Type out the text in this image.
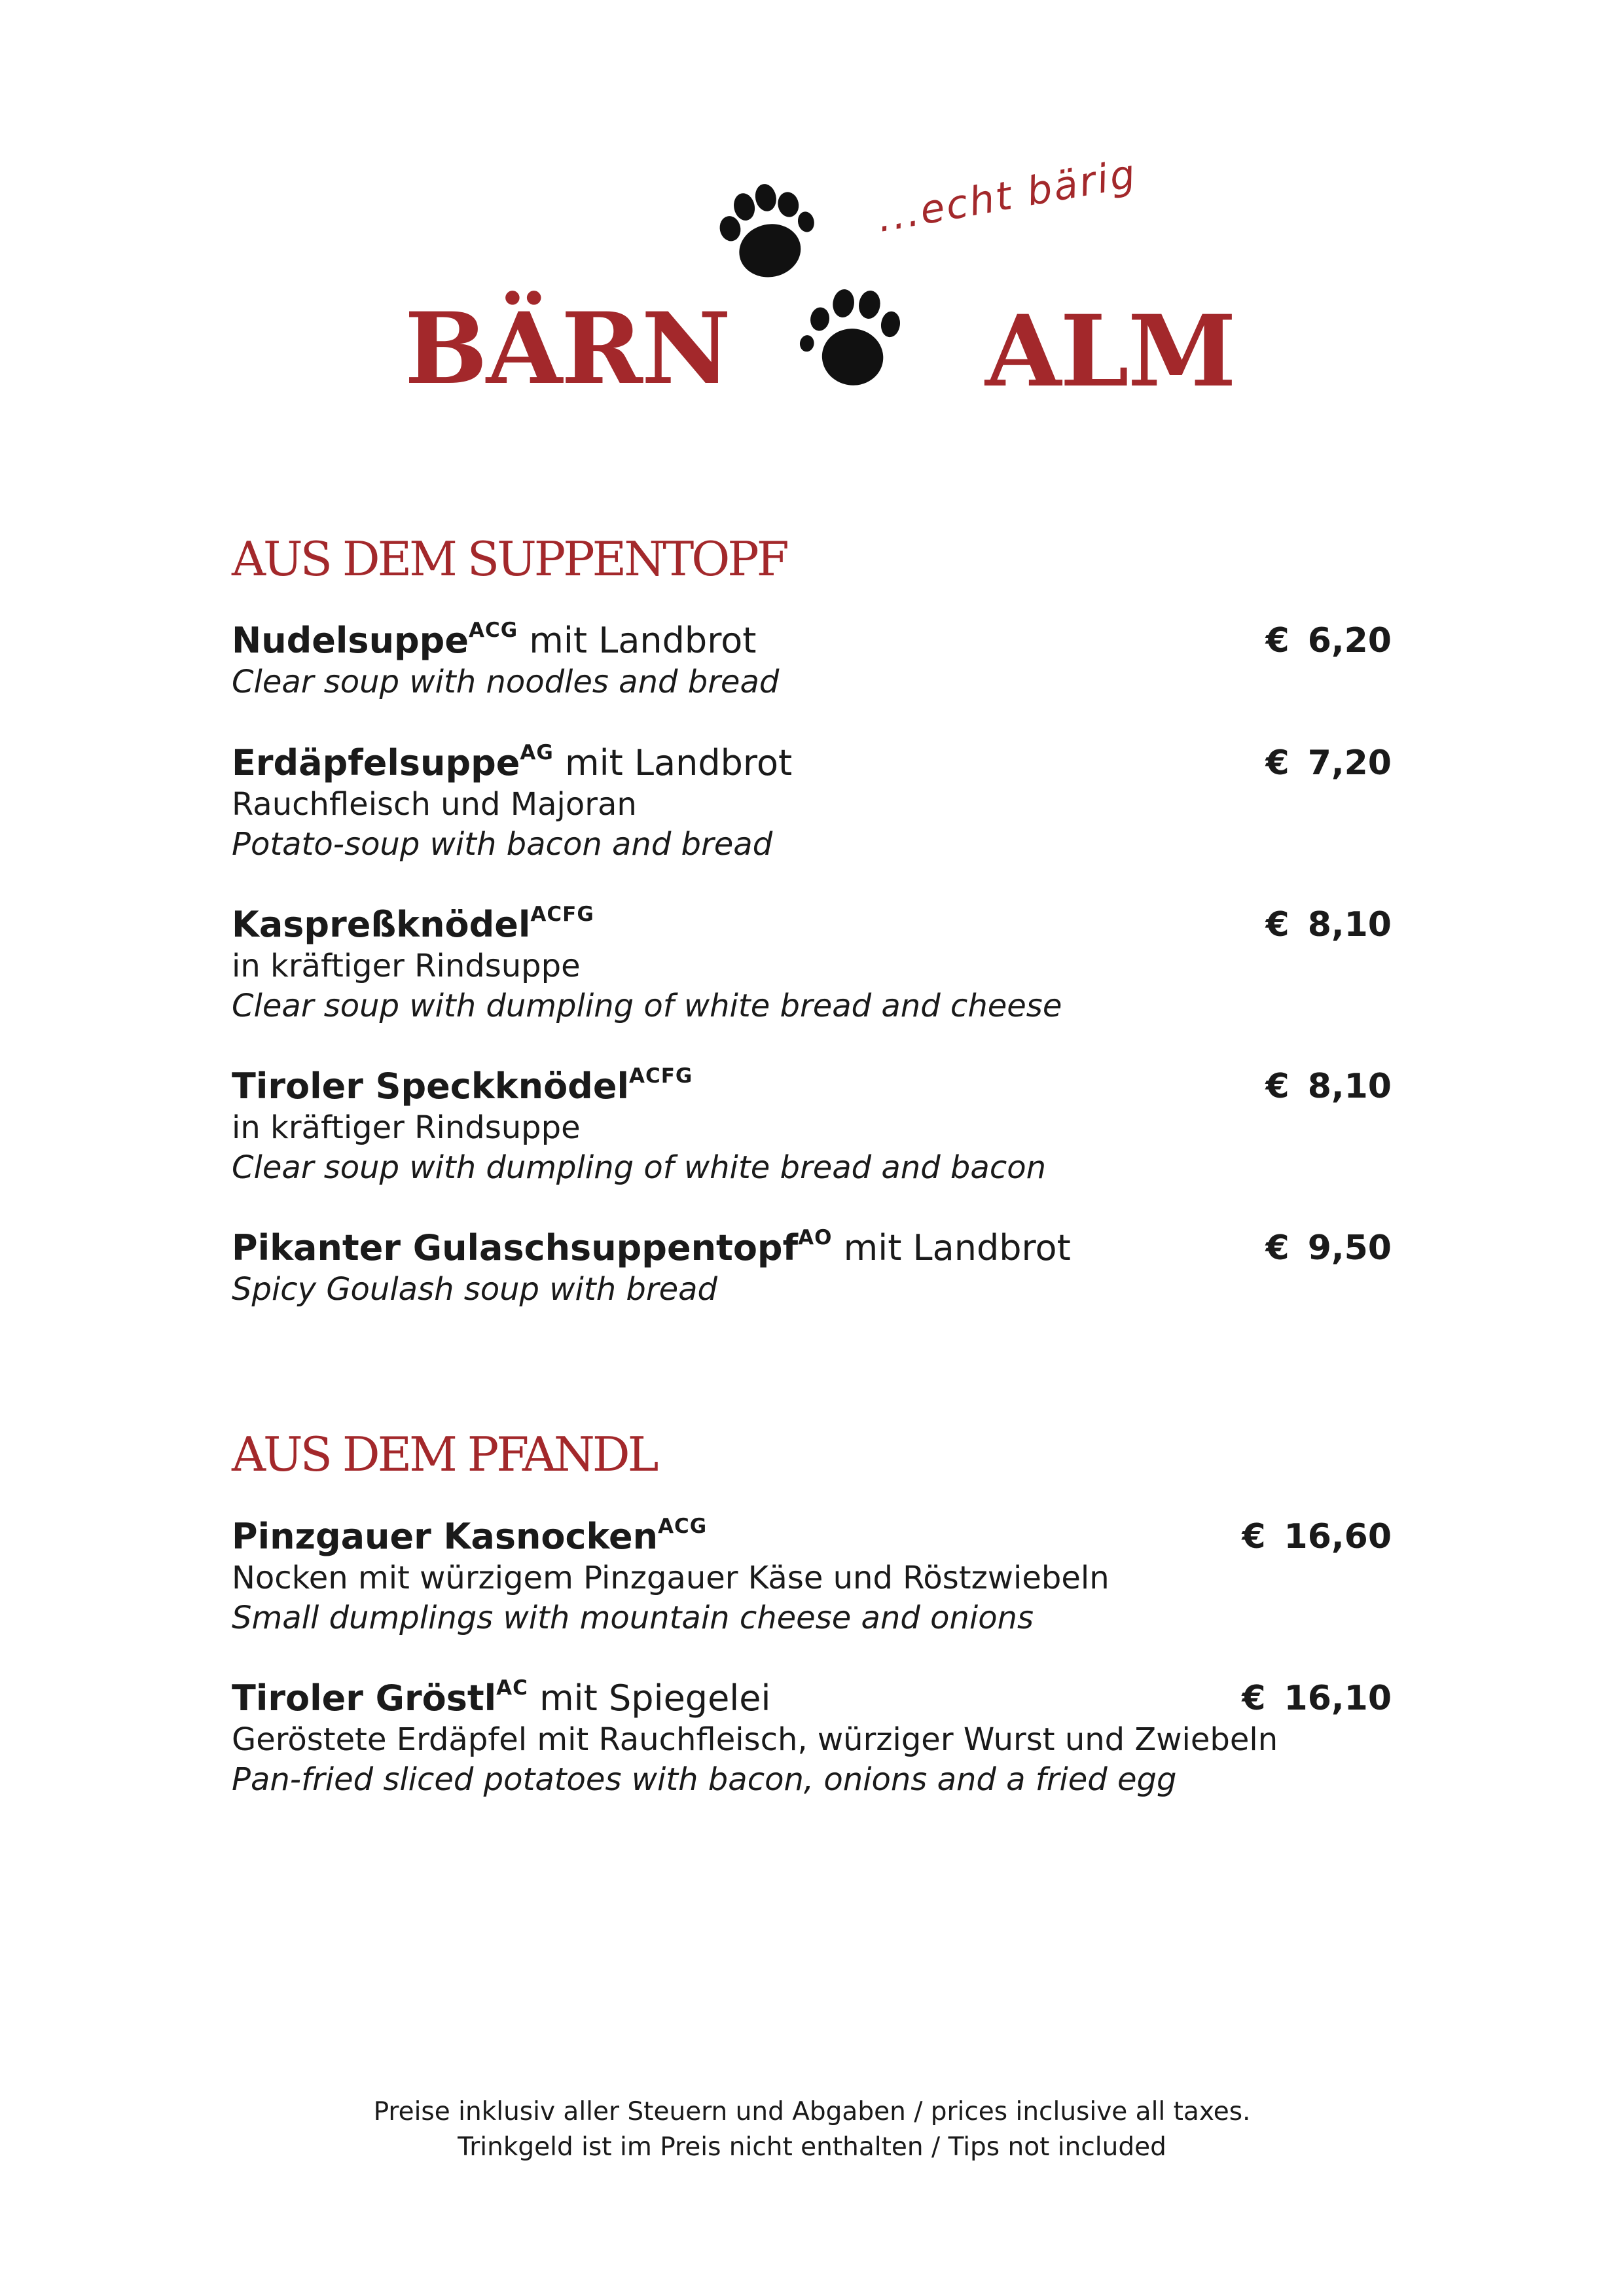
...echt bärig
BÄRN	ALM
AUS DEM SUPPENTOPF
Nudelsuppe$^{ACG}$ mit Landbrot	€ 6,20
Clear soup with noodles and bread
Erdäpfelsuppe$^{AG}$ mit Landbrot	€ 7,20
Rauchfleisch und Majoran
Potato-soup with bacon and bread
Kaspreßknödel$^{ACFG}$	€ 8,10
in kräftiger Rindsuppe
Clear soup with dumpling of white bread and cheese
Tiroler Speckknödel$^{ACFG}$	€ 8,10
in kräftiger Rindsuppe
Clear soup with dumpling of white bread and bacon
Pikanter Gulaschsuppentopf$^{AO}$ mit Landbrot	€ 9,50
Spicy Goulash soup with bread
AUS DEM PFANDL
Pinzgauer Kasnocken$^{ACG}$	€ 16,60
Nocken mit würzigem Pinzgauer Käse und Röstzwiebeln
Small dumplings with mountain cheese and onions
Tiroler Gröstl$^{AC}$ mit Spiegelei	€ 16,10
Geröstete Erdäpfel mit Rauchfleisch, würziger Wurst und Zwiebeln
Pan-fried sliced potatoes with bacon, onions and a fried egg
Preise inklusiv aller Steuern und Abgaben / prices inclusive all taxes.
Trinkgeld ist im Preis nicht enthalten / Tips not included
